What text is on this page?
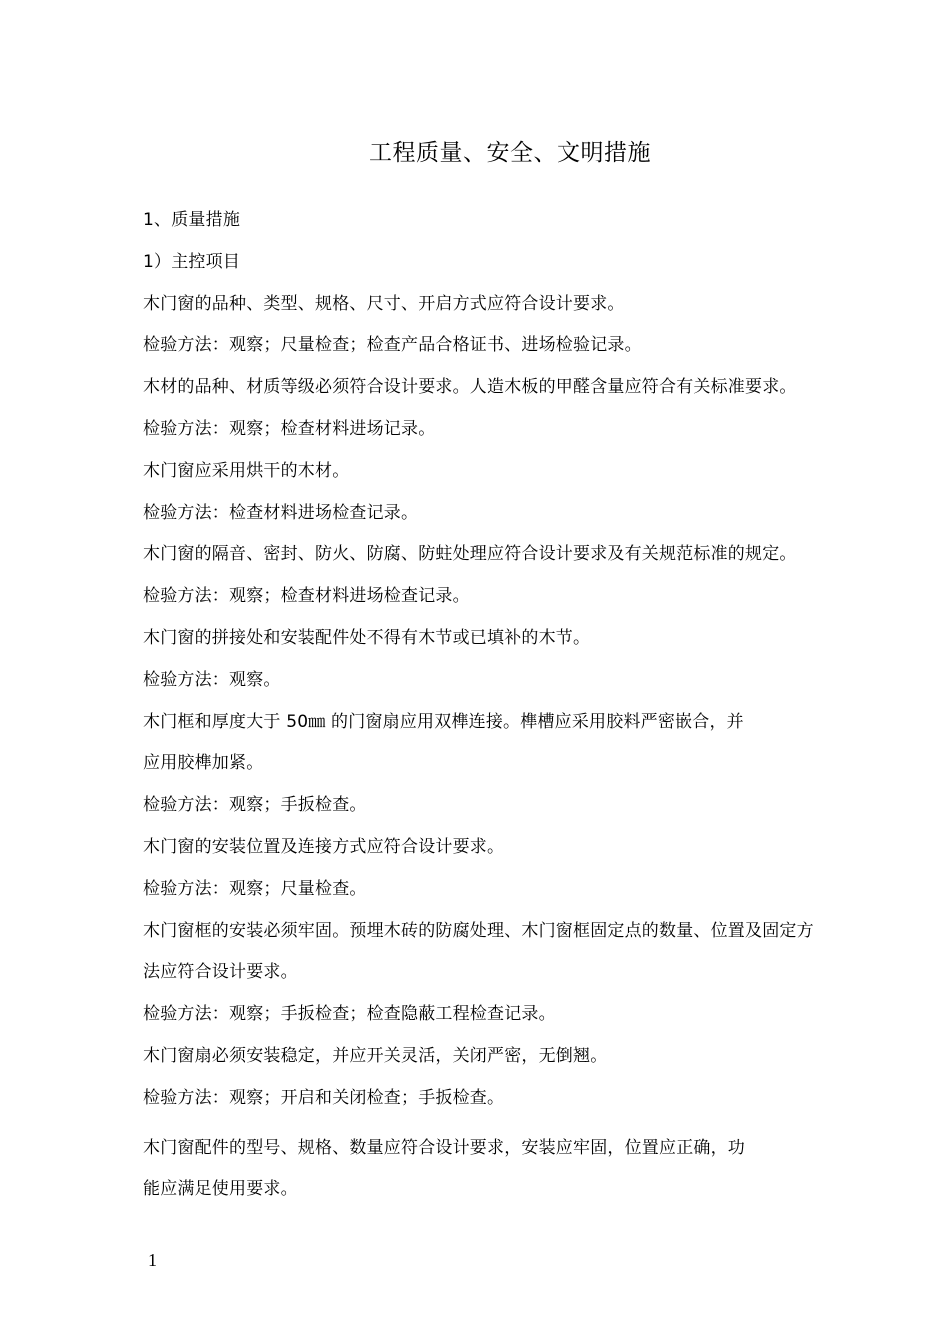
工程质量、安全、文明措施
1、质量措施
1）主控项目
木门窗的品种、类型、规格、尺寸、开启方式应符合设计要求。
检验方法：观察；尺量检查；检查产品合格证书、进场检验记录。
木材的品种、材质等级必须符合设计要求。人造木板的甲醛含量应符合有关标准要求。
检验方法：观察；检查材料进场记录。
木门窗应采用烘干的木材。
检验方法：检查材料进场检查记录。
木门窗的隔音、密封、防火、防腐、防蛀处理应符合设计要求及有关规范标准的规定。
检验方法：观察；检查材料进场检查记录。
木门窗的拼接处和安装配件处不得有木节或已填补的木节。
检验方法：观察。
木门框和厚度大于 50㎜ 的门窗扇应用双榫连接。榫槽应采用胶料严密嵌合，并
应用胶榫加紧。
检验方法：观察；手扳检查。
木门窗的安装位置及连接方式应符合设计要求。
检验方法：观察；尺量检查。
木门窗框的安装必须牢固。预埋木砖的防腐处理、木门窗框固定点的数量、位置及固定方
法应符合设计要求。
检验方法：观察；手扳检查；检查隐蔽工程检查记录。
木门窗扇必须安装稳定，并应开关灵活，关闭严密，无倒翘。
检验方法：观察；开启和关闭检查；手扳检查。
木门窗配件的型号、规格、数量应符合设计要求，安装应牢固，位置应正确，功
能应满足使用要求。
1
